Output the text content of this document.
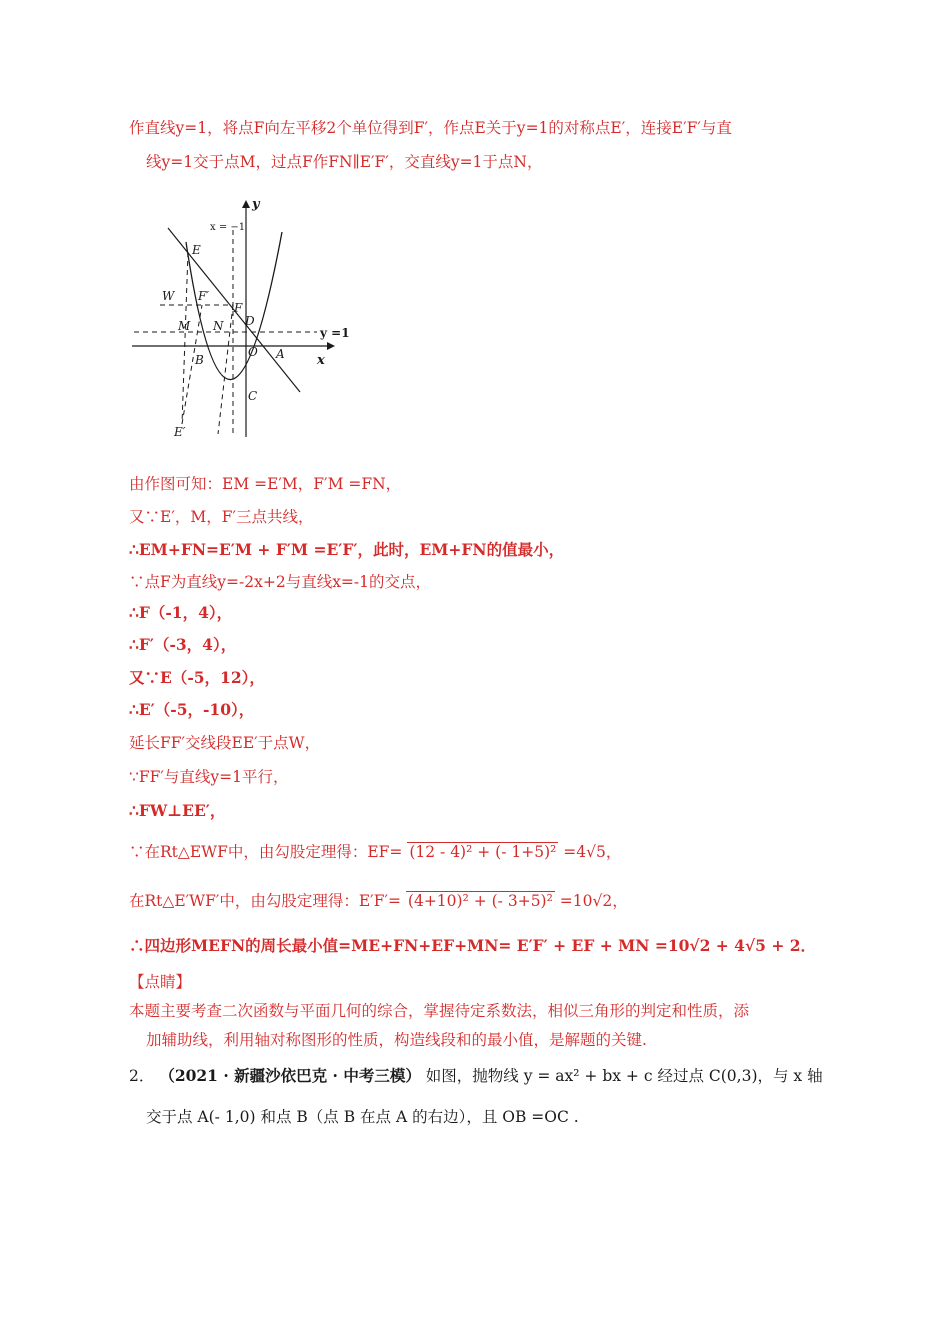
作直线y=1，将点F向左平移2个单位得到F′，作点E关于y=1的对称点E′，连接E′F′与直
线y=1交于点M，过点F作FN∥E′F′，交直线y=1于点N，
y
x
x = −1
y =1
E
W F′
F
M N D
O A
B
C
E′
由作图可知：EM =E′M，F′M =FN，
又∵E′，M，F′三点共线，
∴EM+FN=E′M + F′M =E′F′，此时，EM+FN的值最小，
∵点F为直线y=-2x+2与直线x=-1的交点，
∴F（-1，4），
∴F′（-3，4），
又∵E（-5，12），
∴E′（-5，-10），
延长FF′交线段EE′于点W，
∵FF′与直线y=1平行，
∴FW⊥EE′，
∵在Rt△EWF中，由勾股定理得：EF= (12 - 4)² + (- 1+5)² =4√5，
在Rt△E′WF′中，由勾股定理得：E′F′= (4+10)² + (- 3+5)² =10√2，
∴四边形MEFN的周长最小值=ME+FN+EF+MN= E′F′ + EF + MN =10√2 + 4√5 + 2．
【点睛】
本题主要考查二次函数与平面几何的综合，掌握待定系数法，相似三角形的判定和性质，添
加辅助线，利用轴对称图形的性质，构造线段和的最小值，是解题的关键.
2． （2021 · 新疆沙依巴克 · 中考三模） 如图，抛物线 y = ax² + bx + c 经过点 C(0,3)，与 x 轴
交于点 A(- 1,0) 和点 B（点 B 在点 A 的右边），且 OB =OC .
